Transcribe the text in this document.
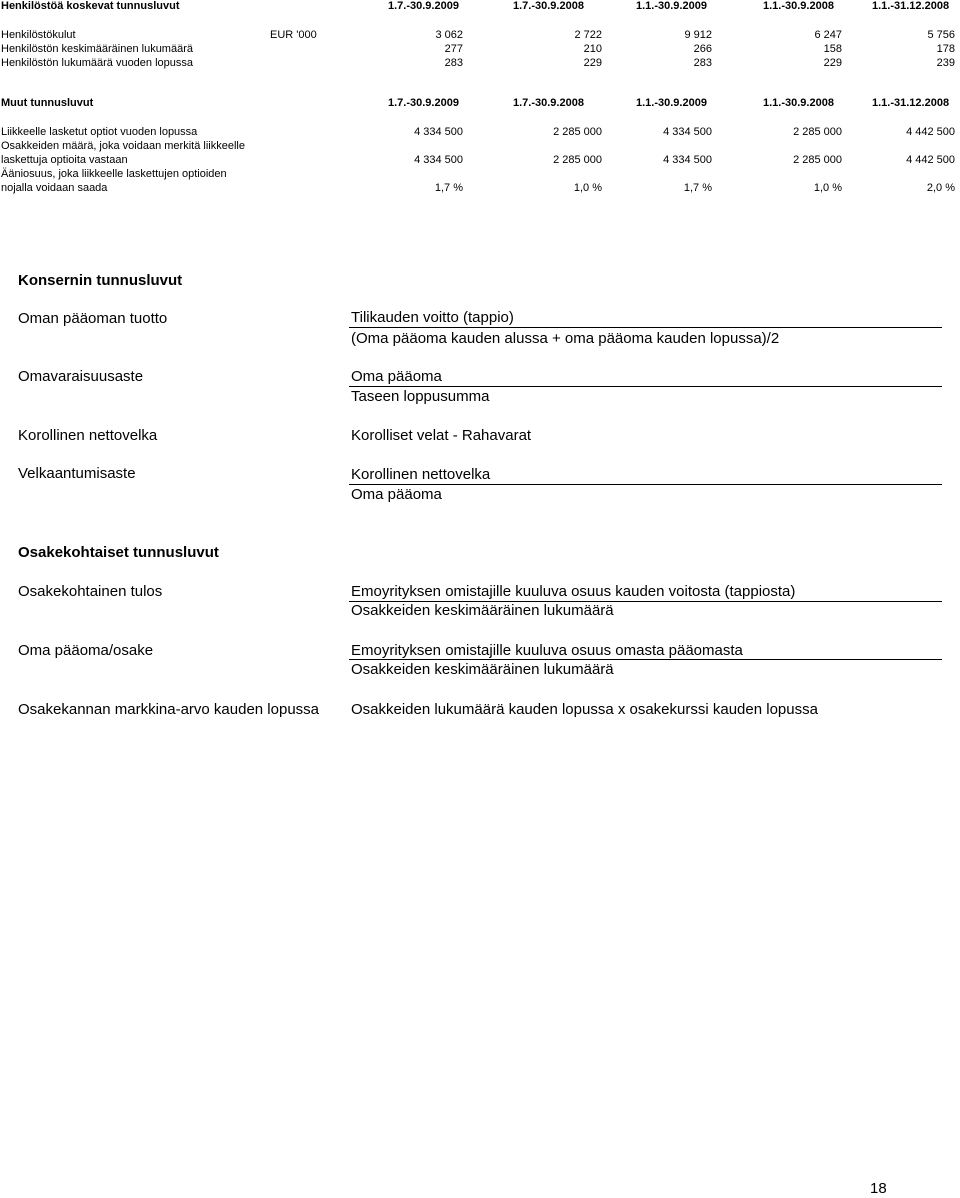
Henkilöstöä koskevat tunnusluvut	1.7.-30.9.2009	1.7.-30.9.2008	1.1.-30.9.2009	1.1.-30.9.2008	1.1.-31.12.2008
Henkilöstökulut	EUR '000	3 062	2 722	9 912	6 247	5 756
Henkilöstön keskimääräinen lukumäärä	277	210	266	158	178
Henkilöstön lukumäärä vuoden lopussa	283	229	283	229	239
Muut tunnusluvut	1.7.-30.9.2009	1.7.-30.9.2008	1.1.-30.9.2009	1.1.-30.9.2008	1.1.-31.12.2008
Liikkeelle lasketut optiot vuoden lopussa	4 334 500	2 285 000	4 334 500	2 285 000	4 442 500
Osakkeiden määrä, joka voidaan merkitä liikkeelle
laskettuja optioita vastaan	4 334 500	2 285 000	4 334 500	2 285 000	4 442 500
Ääniosuus, joka liikkeelle laskettujen optioiden
nojalla voidaan saada	1,7 %	1,0 %	1,7 %	1,0 %	2,0 %
Konsernin tunnusluvut
Oman pääoman tuotto	Tilikauden voitto (tappio)
(Oma pääoma kauden alussa + oma pääoma kauden lopussa)/2
Omavaraisuusaste	Oma pääoma
Taseen loppusumma
Korollinen nettovelka	Korolliset velat - Rahavarat
Velkaantumisaste	Korollinen nettovelka
Oma pääoma
Osakekohtaiset tunnusluvut
Osakekohtainen tulos	Emoyrityksen omistajille kuuluva osuus kauden voitosta (tappiosta)
Osakkeiden keskimääräinen lukumäärä
Oma pääoma/osake	Emoyrityksen omistajille kuuluva osuus omasta pääomasta
Osakkeiden keskimääräinen lukumäärä
Osakekannan markkina-arvo kauden lopussa Osakkeiden lukumäärä kauden lopussa x osakekurssi kauden lopussa
18
